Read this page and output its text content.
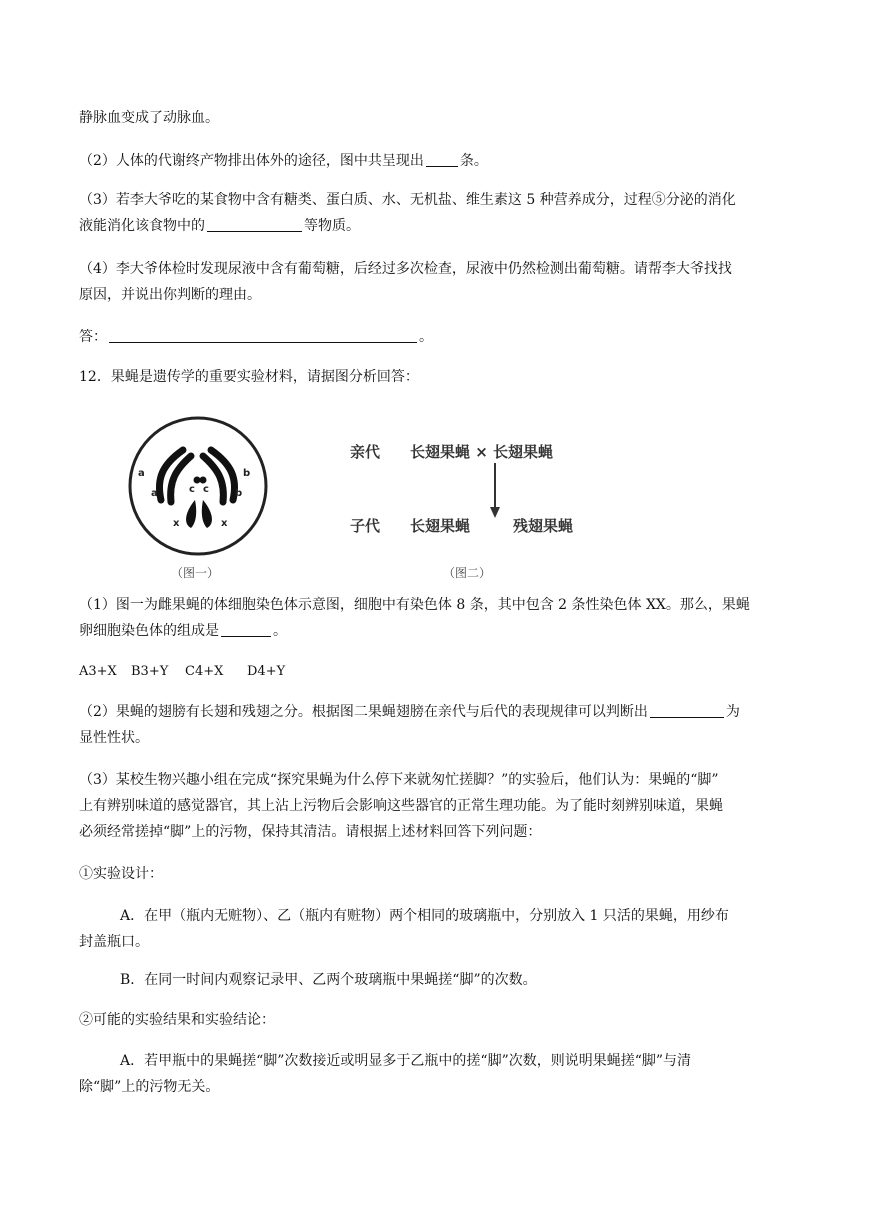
静脉血变成了动脉血。
（2）人体的代谢终产物排出体外的途径，图中共呈现出	条。
（3）若李大爷吃的某食物中含有糖类、蛋白质、水、无机盐、维生素这 5 种营养成分，过程⑤分泌的消化
液能消化该食物中的	等物质。
（4）李大爷体检时发现尿液中含有葡萄糖，后经过多次检查，尿液中仍然检测出葡萄糖。请帮李大爷找找
原因，并说出你判断的理由。
答：	。
12．果蝇是遗传学的重要实验材料，请据图分析回答：
a
a
b
b
c c
x	x
（图一）
亲代 长翅果蝇 × 长翅果蝇
子代 长翅果蝇	残翅果蝇
（图二）
（1）图一为雌果蝇的体细胞染色体示意图，细胞中有染色体 8 条，其中包含 2 条性染色体 XX。那么，果蝇
卵细胞染色体的组成是	。
A3+X B3+Y C4+X D4+Y
（2）果蝇的翅膀有长翅和残翅之分。根据图二果蝇翅膀在亲代与后代的表现规律可以判断出	为
显性性状。
（3）某校生物兴趣小组在完成“探究果蝇为什么停下来就匆忙搓脚？”的实验后，他们认为：果蝇的“脚”
上有辨别味道的感觉器官，其上沾上污物后会影响这些器官的正常生理功能。为了能时刻辨别味道，果蝇
必须经常搓掉“脚”上的污物，保持其清洁。请根据上述材料回答下列问题：
①实验设计：
A．在甲（瓶内无赃物）、乙（瓶内有赃物）两个相同的玻璃瓶中，分别放入 1 只活的果蝇，用纱布
封盖瓶口。
B．在同一时间内观察记录甲、乙两个玻璃瓶中果蝇搓“脚”的次数。
②可能的实验结果和实验结论：
A．若甲瓶中的果蝇搓“脚”次数接近或明显多于乙瓶中的搓“脚”次数，则说明果蝇搓“脚”与清
除“脚”上的污物无关。
